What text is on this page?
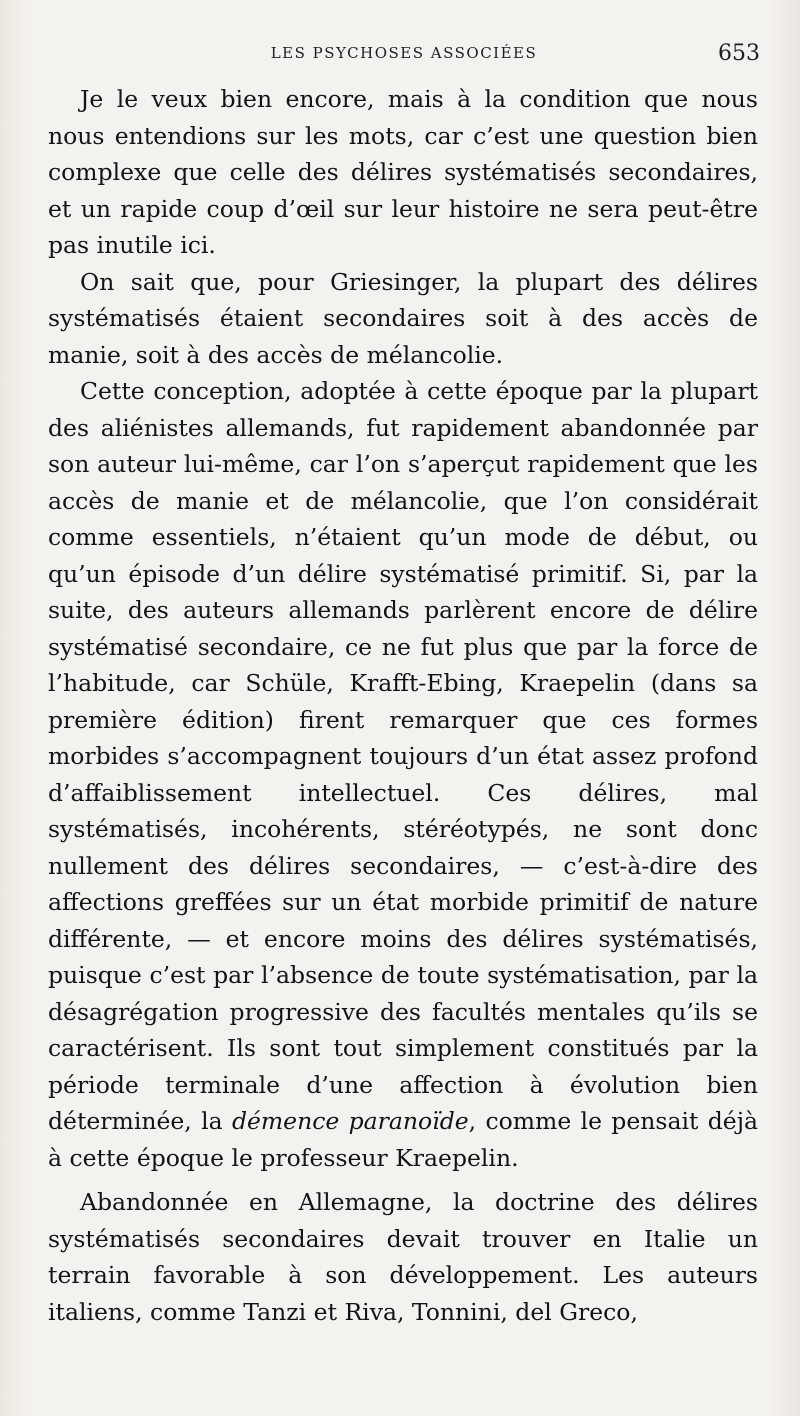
LES PSYCHOSES ASSOCIÉES	653

Je le veux bien encore, mais à la condition que nous nous entendions sur les mots, car c’est une question bien complexe que celle des délires systématisés secondaires, et un rapide coup d’œil sur leur histoire ne sera peut-être pas inutile ici.

On sait que, pour Griesinger, la plupart des délires systématisés étaient secondaires soit à des accès de manie, soit à des accès de mélancolie.

Cette conception, adoptée à cette époque par la plupart des aliénistes allemands, fut rapidement abandonnée par son auteur lui-même, car l’on s’aperçut rapidement que les accès de manie et de mélancolie, que l’on considérait comme essentiels, n’étaient qu’un mode de début, ou qu’un épisode d’un délire systématisé primitif. Si, par la suite, des auteurs allemands parlèrent encore de délire systématisé secondaire, ce ne fut plus que par la force de l’habitude, car Schüle, Krafft-Ebing, Kraepelin (dans sa première édition) firent remarquer que ces formes morbides s’accompagnent toujours d’un état assez profond d’affaiblissement intellectuel. Ces délires, mal systématisés, incohérents, stéréotypés, ne sont donc nullement des délires secondaires, — c’est-à-dire des affections greffées sur un état morbide primitif de nature différente, — et encore moins des délires systématisés, puisque c’est par l’absence de toute systématisation, par la désagrégation progressive des facultés mentales qu’ils se caractérisent. Ils sont tout simplement constitués par la période terminale d’une affection à évolution bien déterminée, la démence paranoïde, comme le pensait déjà à cette époque le professeur Kraepelin.

Abandonnée en Allemagne, la doctrine des délires systématisés secondaires devait trouver en Italie un terrain favorable à son développement. Les auteurs italiens, comme Tanzi et Riva, Tonnini, del Greco,
